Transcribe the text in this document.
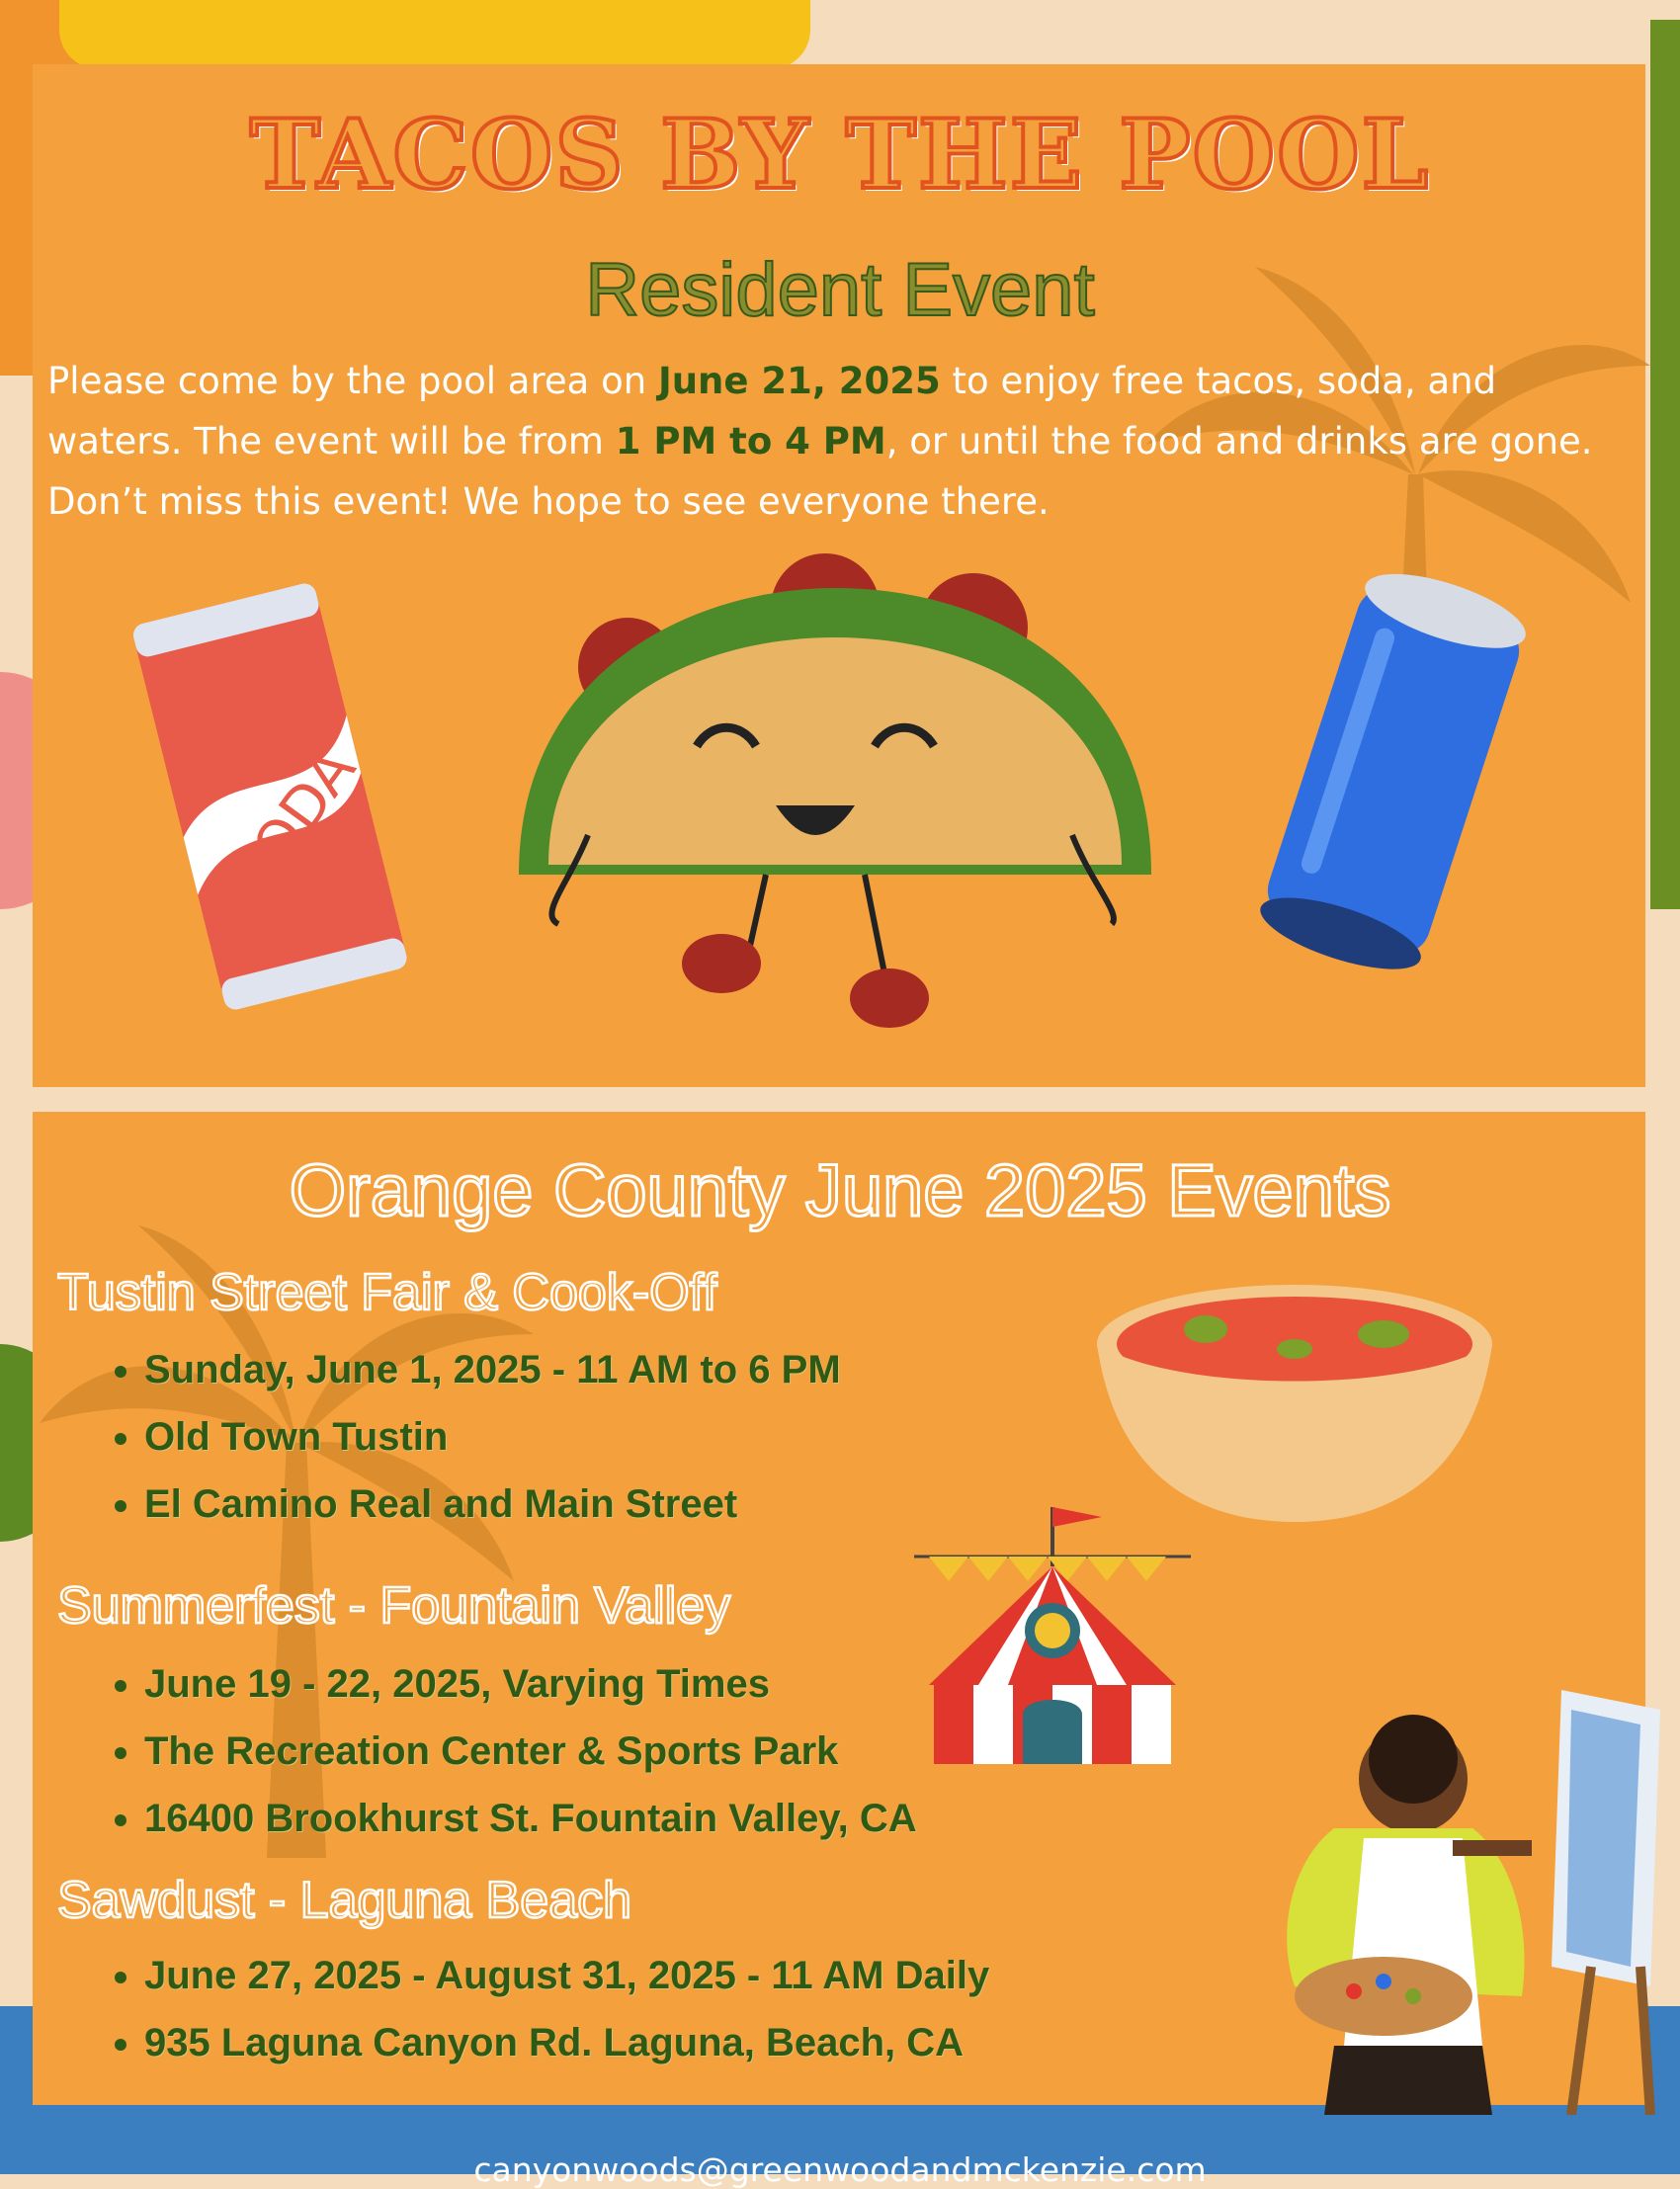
TACOS BY THE POOL
Resident Event
Please come by the pool area on June 21, 2025 to enjoy free tacos, soda, and waters. The event will be from 1 PM to 4 PM, or until the food and drinks are gone. Don’t miss this event! We hope to see everyone there.
SODA
Orange County June 2025 Events
Tustin Street Fair & Cook-Off
• Sunday, June 1, 2025 - 11 AM to 6 PM
• Old Town Tustin
• El Camino Real and Main Street
Summerfest - Fountain Valley
• June 19 - 22, 2025, Varying Times
• The Recreation Center & Sports Park
• 16400 Brookhurst St. Fountain Valley, CA
Sawdust - Laguna Beach
• June 27, 2025 - August 31, 2025 - 11 AM Daily
• 935 Laguna Canyon Rd. Laguna, Beach, CA
canyonwoods@greenwoodandmckenzie.com
